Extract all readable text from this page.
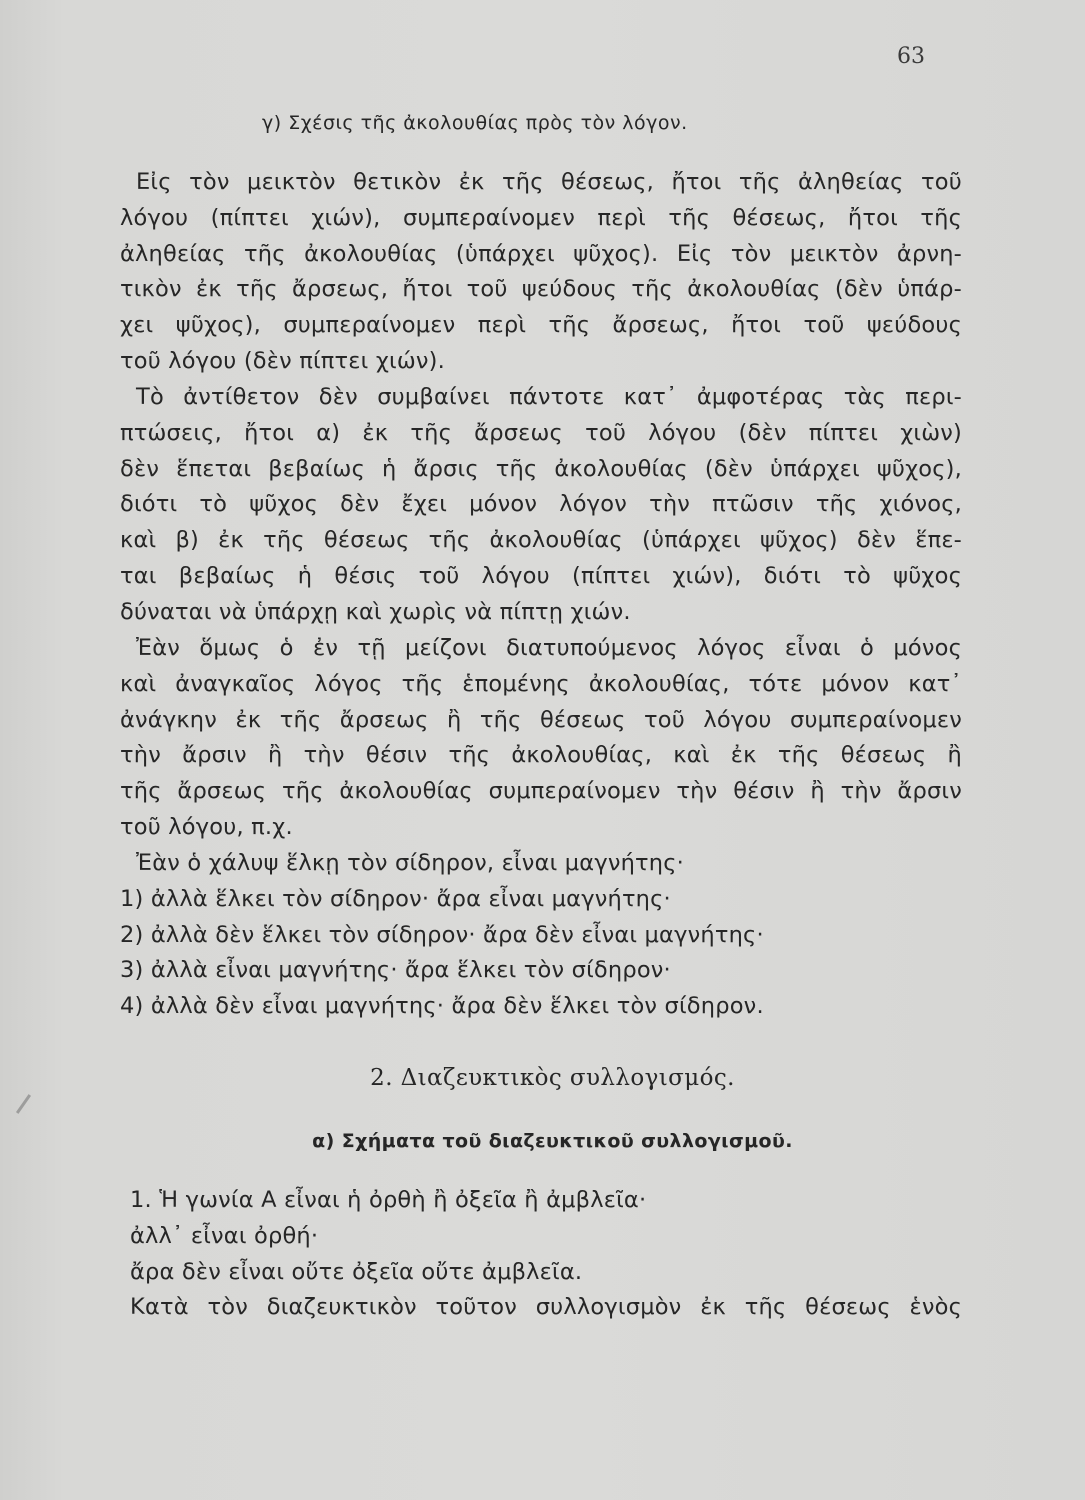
63
γ) Σχέσις τῆς ἀκολουθίας πρὸς τὸν λόγον.
Εἰς τὸν μεικτὸν θετικὸν ἐκ τῆς θέσεως, ἤτοι τῆς ἀληθείας τοῦ
λόγου (πίπτει χιών), συμπεραίνομεν περὶ τῆς θέσεως, ἤτοι τῆς
ἀληθείας τῆς ἀκολουθίας (ὑπάρχει ψῦχος). Εἰς τὸν μεικτὸν ἀρνη-
τικὸν ἐκ τῆς ἄρσεως, ἤτοι τοῦ ψεύδους τῆς ἀκολουθίας (δὲν ὑπάρ-
χει ψῦχος), συμπεραίνομεν περὶ τῆς ἄρσεως, ἤτοι τοῦ ψεύδους
τοῦ λόγου (δὲν πίπτει χιών).
Τὸ ἀντίθετον δὲν συμβαίνει πάντοτε κατ᾽ ἀμφοτέρας τὰς περι-
πτώσεις, ἤτοι α) ἐκ τῆς ἄρσεως τοῦ λόγου (δὲν πίπτει χιὼν)
δὲν ἕπεται βεβαίως ἡ ἄρσις τῆς ἀκολουθίας (δὲν ὑπάρχει ψῦχος),
διότι τὸ ψῦχος δὲν ἔχει μόνον λόγον τὴν πτῶσιν τῆς χιόνος,
καὶ β) ἐκ τῆς θέσεως τῆς ἀκολουθίας (ὑπάρχει ψῦχος) δὲν ἕπε-
ται βεβαίως ἡ θέσις τοῦ λόγου (πίπτει χιών), διότι τὸ ψῦχος
δύναται νὰ ὑπάρχῃ καὶ χωρὶς νὰ πίπτῃ χιών.
Ἐὰν ὅμως ὁ ἐν τῇ μείζονι διατυπούμενος λόγος εἶναι ὁ μόνος
καὶ ἀναγκαῖος λόγος τῆς ἑπομένης ἀκολουθίας, τότε μόνον κατ᾽
ἀνάγκην ἐκ τῆς ἄρσεως ἢ τῆς θέσεως τοῦ λόγου συμπεραίνομεν
τὴν ἄρσιν ἢ τὴν θέσιν τῆς ἀκολουθίας, καὶ ἐκ τῆς θέσεως ἢ
τῆς ἄρσεως τῆς ἀκολουθίας συμπεραίνομεν τὴν θέσιν ἢ τὴν ἄρσιν
τοῦ λόγου, π.χ.
Ἐὰν ὁ χάλυψ ἕλκῃ τὸν σίδηρον, εἶναι μαγνήτης·
1) ἀλλὰ ἕλκει τὸν σίδηρον· ἄρα εἶναι μαγνήτης·
2) ἀλλὰ δὲν ἕλκει τὸν σίδηρον· ἄρα δὲν εἶναι μαγνήτης·
3) ἀλλὰ εἶναι μαγνήτης· ἄρα ἕλκει τὸν σίδηρον·
4) ἀλλὰ δὲν εἶναι μαγνήτης· ἄρα δὲν ἕλκει τὸν σίδηρον.
2. Διαζευκτικὸς συλλογισμός.
α) Σχήματα τοῦ διαζευκτικοῦ συλλογισμοῦ.
1. Ἡ γωνία Α εἶναι ἡ ὀρθὴ ἢ ὀξεῖα ἢ ἀμβλεῖα·
ἀλλ᾽ εἶναι ὀρθή·
ἄρα δὲν εἶναι οὔτε ὀξεῖα οὔτε ἀμβλεῖα.
Κατὰ τὸν διαζευκτικὸν τοῦτον συλλογισμὸν ἐκ τῆς θέσεως ἑνὸς
